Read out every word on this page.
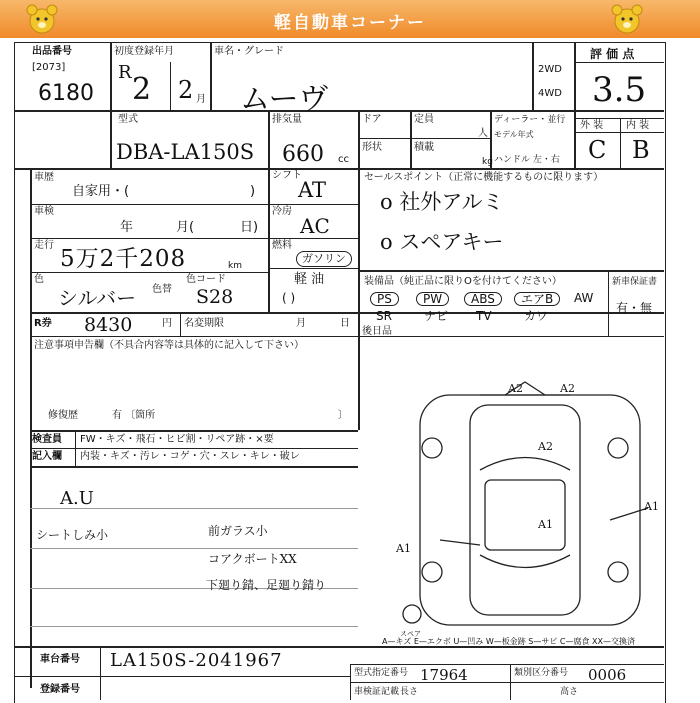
軽自動車コーナー
出品番号
[2073]
6180
初度登録年月
R 2 2 月
車名・グレード
ムーヴ
2WD
4WD
評 価 点
3.5
外 装 内 装
C B
型式
DBA-LA150S
排気量
660 cc
ドア
形状
定員
人
積載
kg
ディーラー・並行
モデル年式
ハンドル 左・右
車歴
自家用・(	)
シフト
AT
車検
年	月(	日)
冷房
AC
走行
5万2千208	km
燃料
ガソリン
軽 油
( )
色
シルバー 色替
色コード
S28
R券 8430	円 名変期限	月	日
セールスポイント（正常に機能するものに限ります）
o 社外アルミ
o スペアキー
装備品（純正品に限りOを付けてください）	新車保証書
有・無
PS	PW	ABS	エアB	AW
SR	ナビ TV	カワ
後日品
注意事項申告欄（不具合内容等は具体的に記入して下さい）
修復歴	有 〔箇所	〕
検査員 FW・キズ・飛石・ヒビ割・リペア跡・×要
記入欄 内装・キズ・汚レ・コゲ・穴・スレ・キレ・破レ
A.U
シートしみ小	前ガラス小
コアクボートXX
下廻り錆、足廻り錆り
A2	A2
A2
A1
A1
A1
スペア
A—キズ E—エクボ U—凹み W—板金跡 S—サビ C—腐食 XX—交換済
車台番号 LA150S-2041967
登録番号
型式指定番号 17964	類別区分番号 0006
車検証記載 長さ	高さ
